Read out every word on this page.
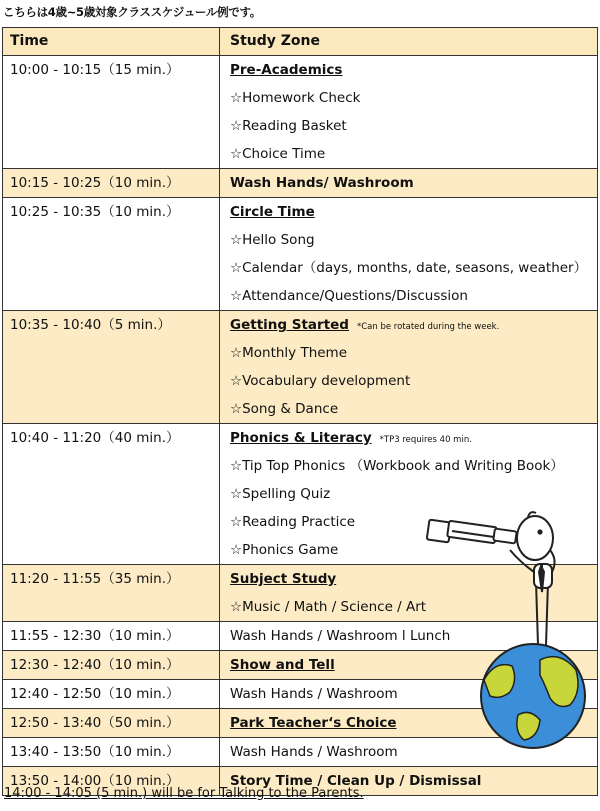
こちらは4歳~5歳対象クラススケジュール例です。
Time	Study Zone

10:00 - 10:15（15 min.）	Pre-Academics
☆Homework Check
☆Reading Basket
☆Choice Time

10:15 - 10:25（10 min.）	Wash Hands/ Washroom

10:25 - 10:35（10 min.）	Circle Time
☆Hello Song
☆Calendar（days, months, date, seasons, weather）
☆Attendance/Questions/Discussion

10:35 - 10:40（5 min.）	Getting Started *Can be rotated during the week.
☆Monthly Theme
☆Vocabulary development
☆Song & Dance

10:40 - 11:20（40 min.）	Phonics & Literacy *TP3 requires 40 min.
☆Tip Top Phonics （Workbook and Writing Book）
☆Spelling Quiz
☆Reading Practice
☆Phonics Game

11:20 - 11:55（35 min.）	Subject Study
☆Music / Math / Science / Art

11:55 - 12:30（10 min.）	Wash Hands / Washroom l Lunch

12:30 - 12:40（10 min.）	Show and Tell

12:40 - 12:50（10 min.）	Wash Hands / Washroom

12:50 - 13:40（50 min.）	Park Teacher‘s Choice

13:40 - 13:50（10 min.）	Wash Hands / Washroom

13:50 - 14:00（10 min.）	Story Time / Clean Up / Dismissal
14:00 - 14:05 (5 min.) will be for Talking to the Parents.
